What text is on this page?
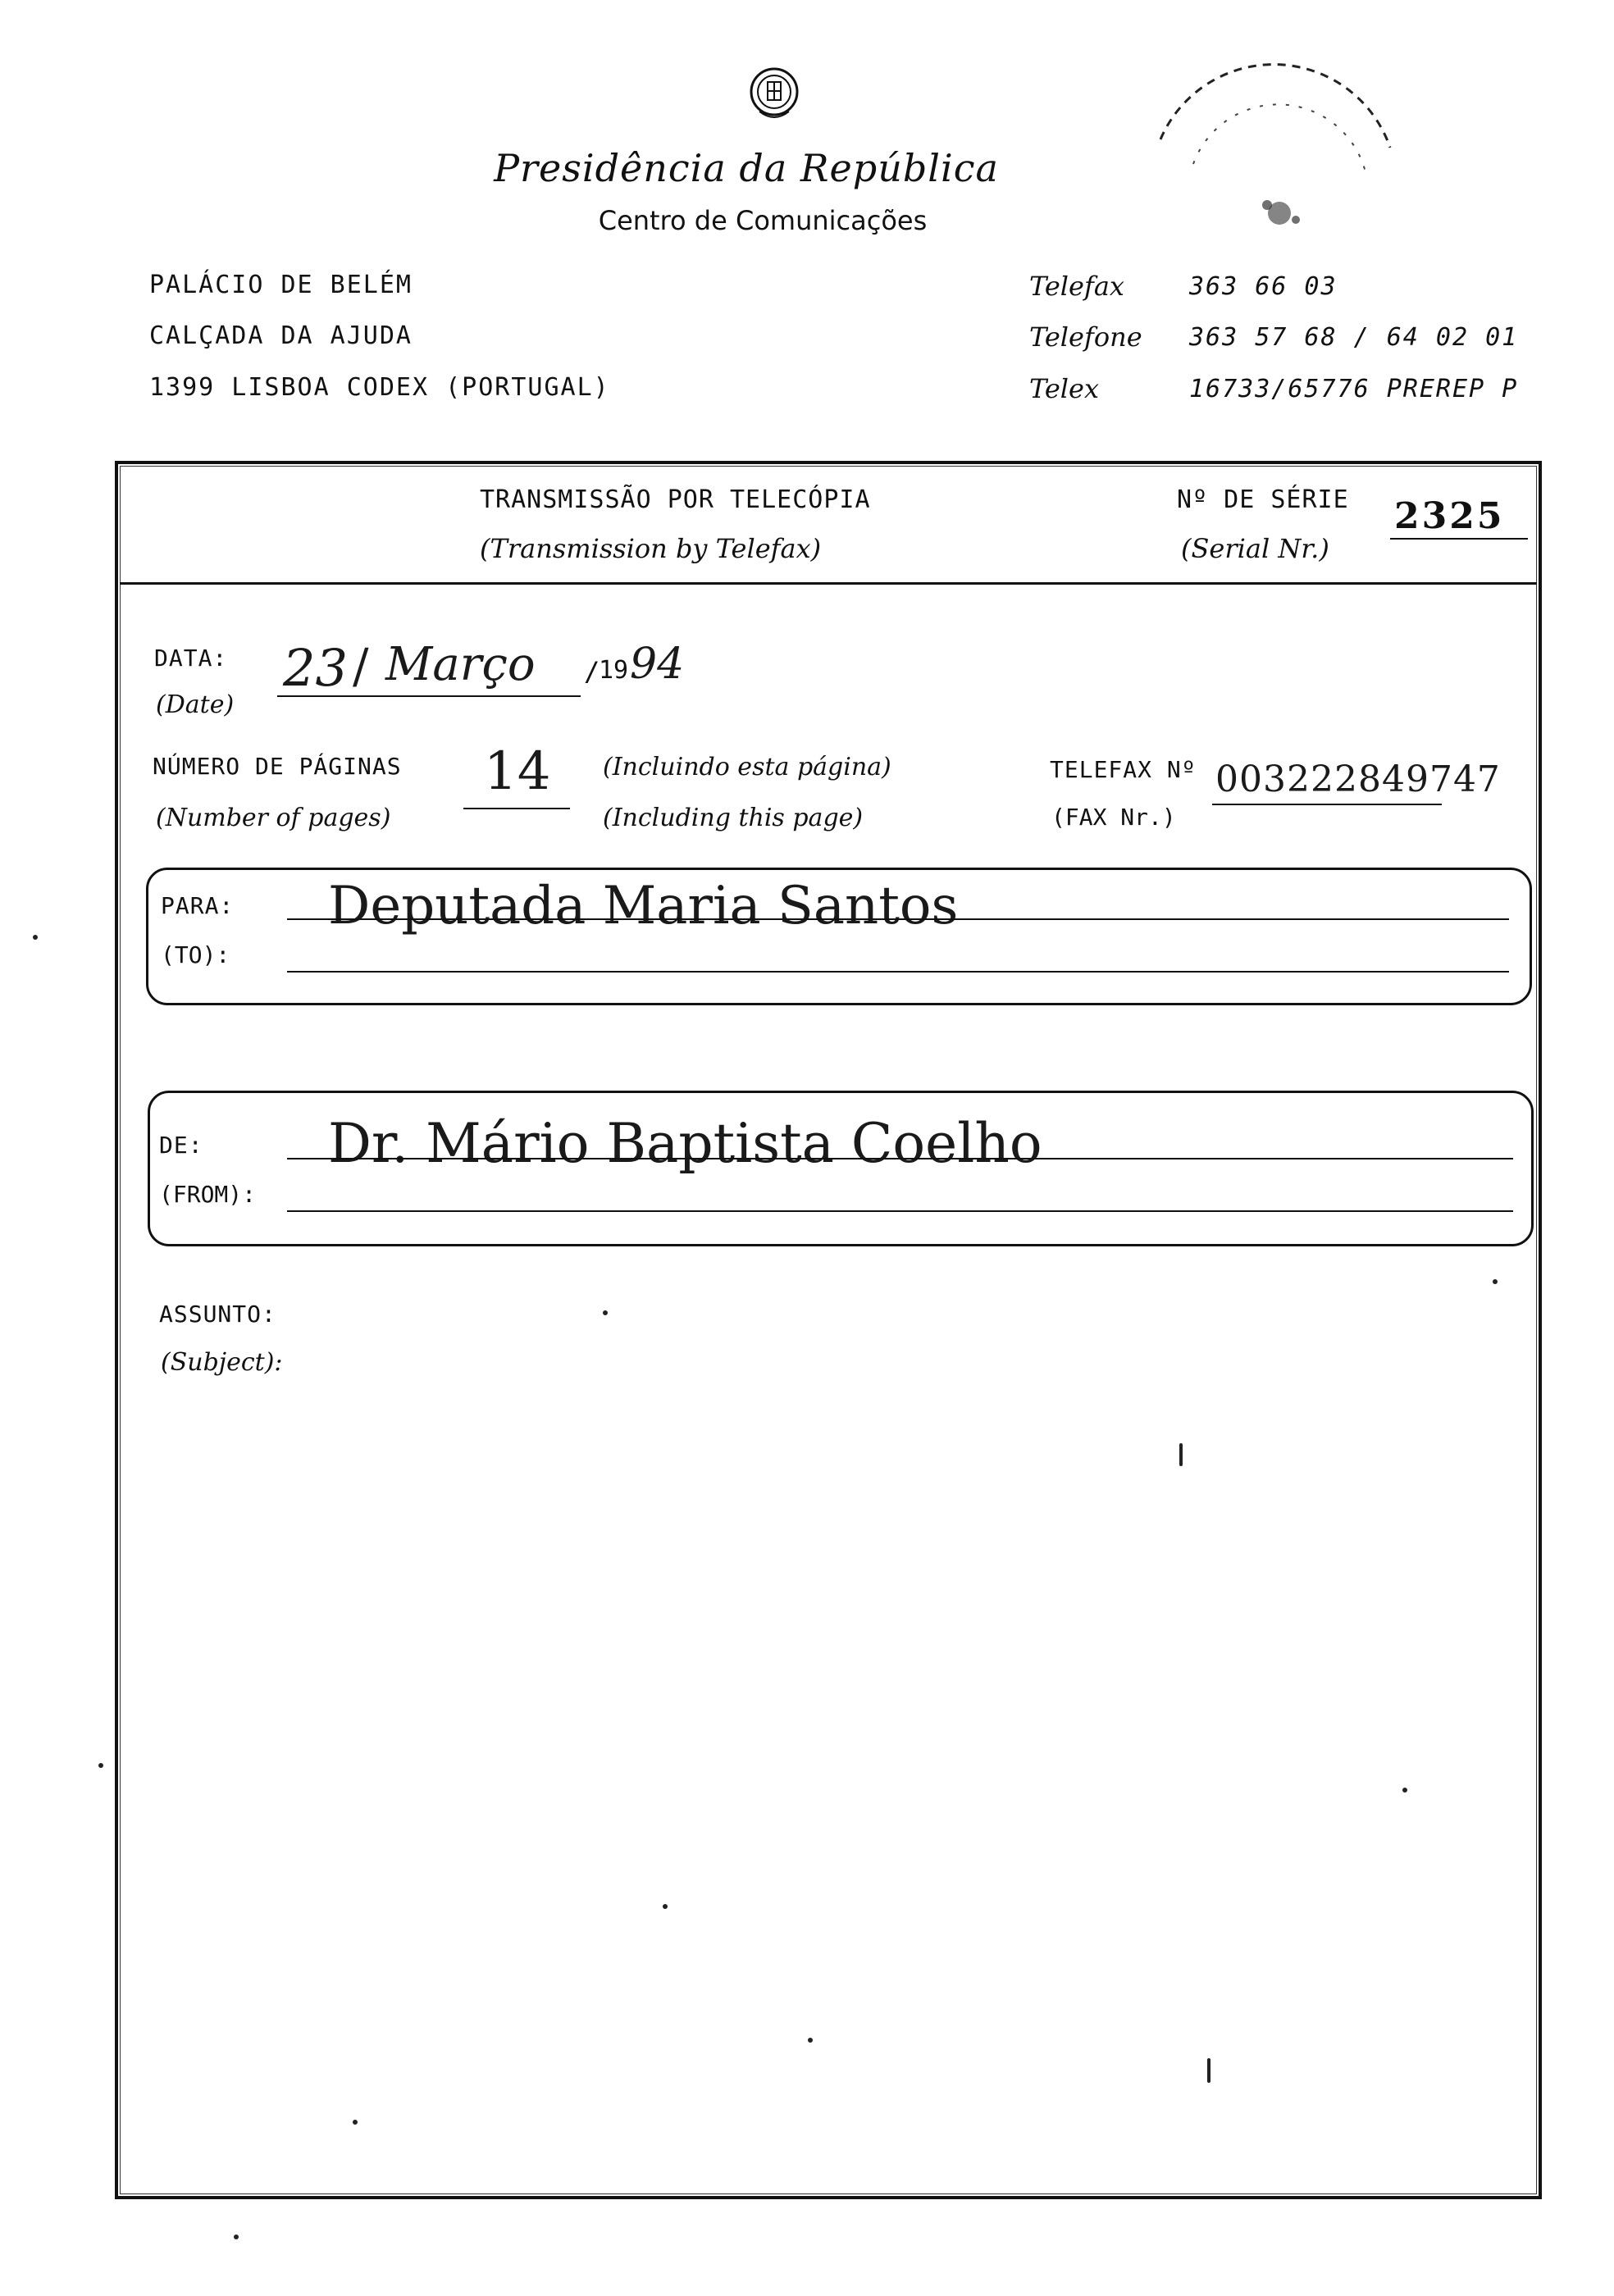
Presidência da República
Centro de Comunicações
PALÁCIO DE BELÉM
CALÇADA DA AJUDA
1399 LISBOA CODEX (PORTUGAL)
Telefax	363 66 03
Telefone 363 57 68 / 64 02 01
Telex	16733/65776 PREREP P
TRANSMISSÃO POR TELECÓPIA
(Transmission by Telefax)
Nº DE SÉRIE
(Serial Nr.)
2325
DATA:
(Date)
23 / Março /
19 94
NÚMERO DE PÁGINAS
(Number of pages)
14 (Incluindo esta página)
(Including this page)
TELEFAX Nº
(FAX Nr.)
003222849747
PARA:
(TO):
Deputada Maria Santos
DE:
(FROM):
Dr. Mário Baptista Coelho
ASSUNTO:
(Subject):
